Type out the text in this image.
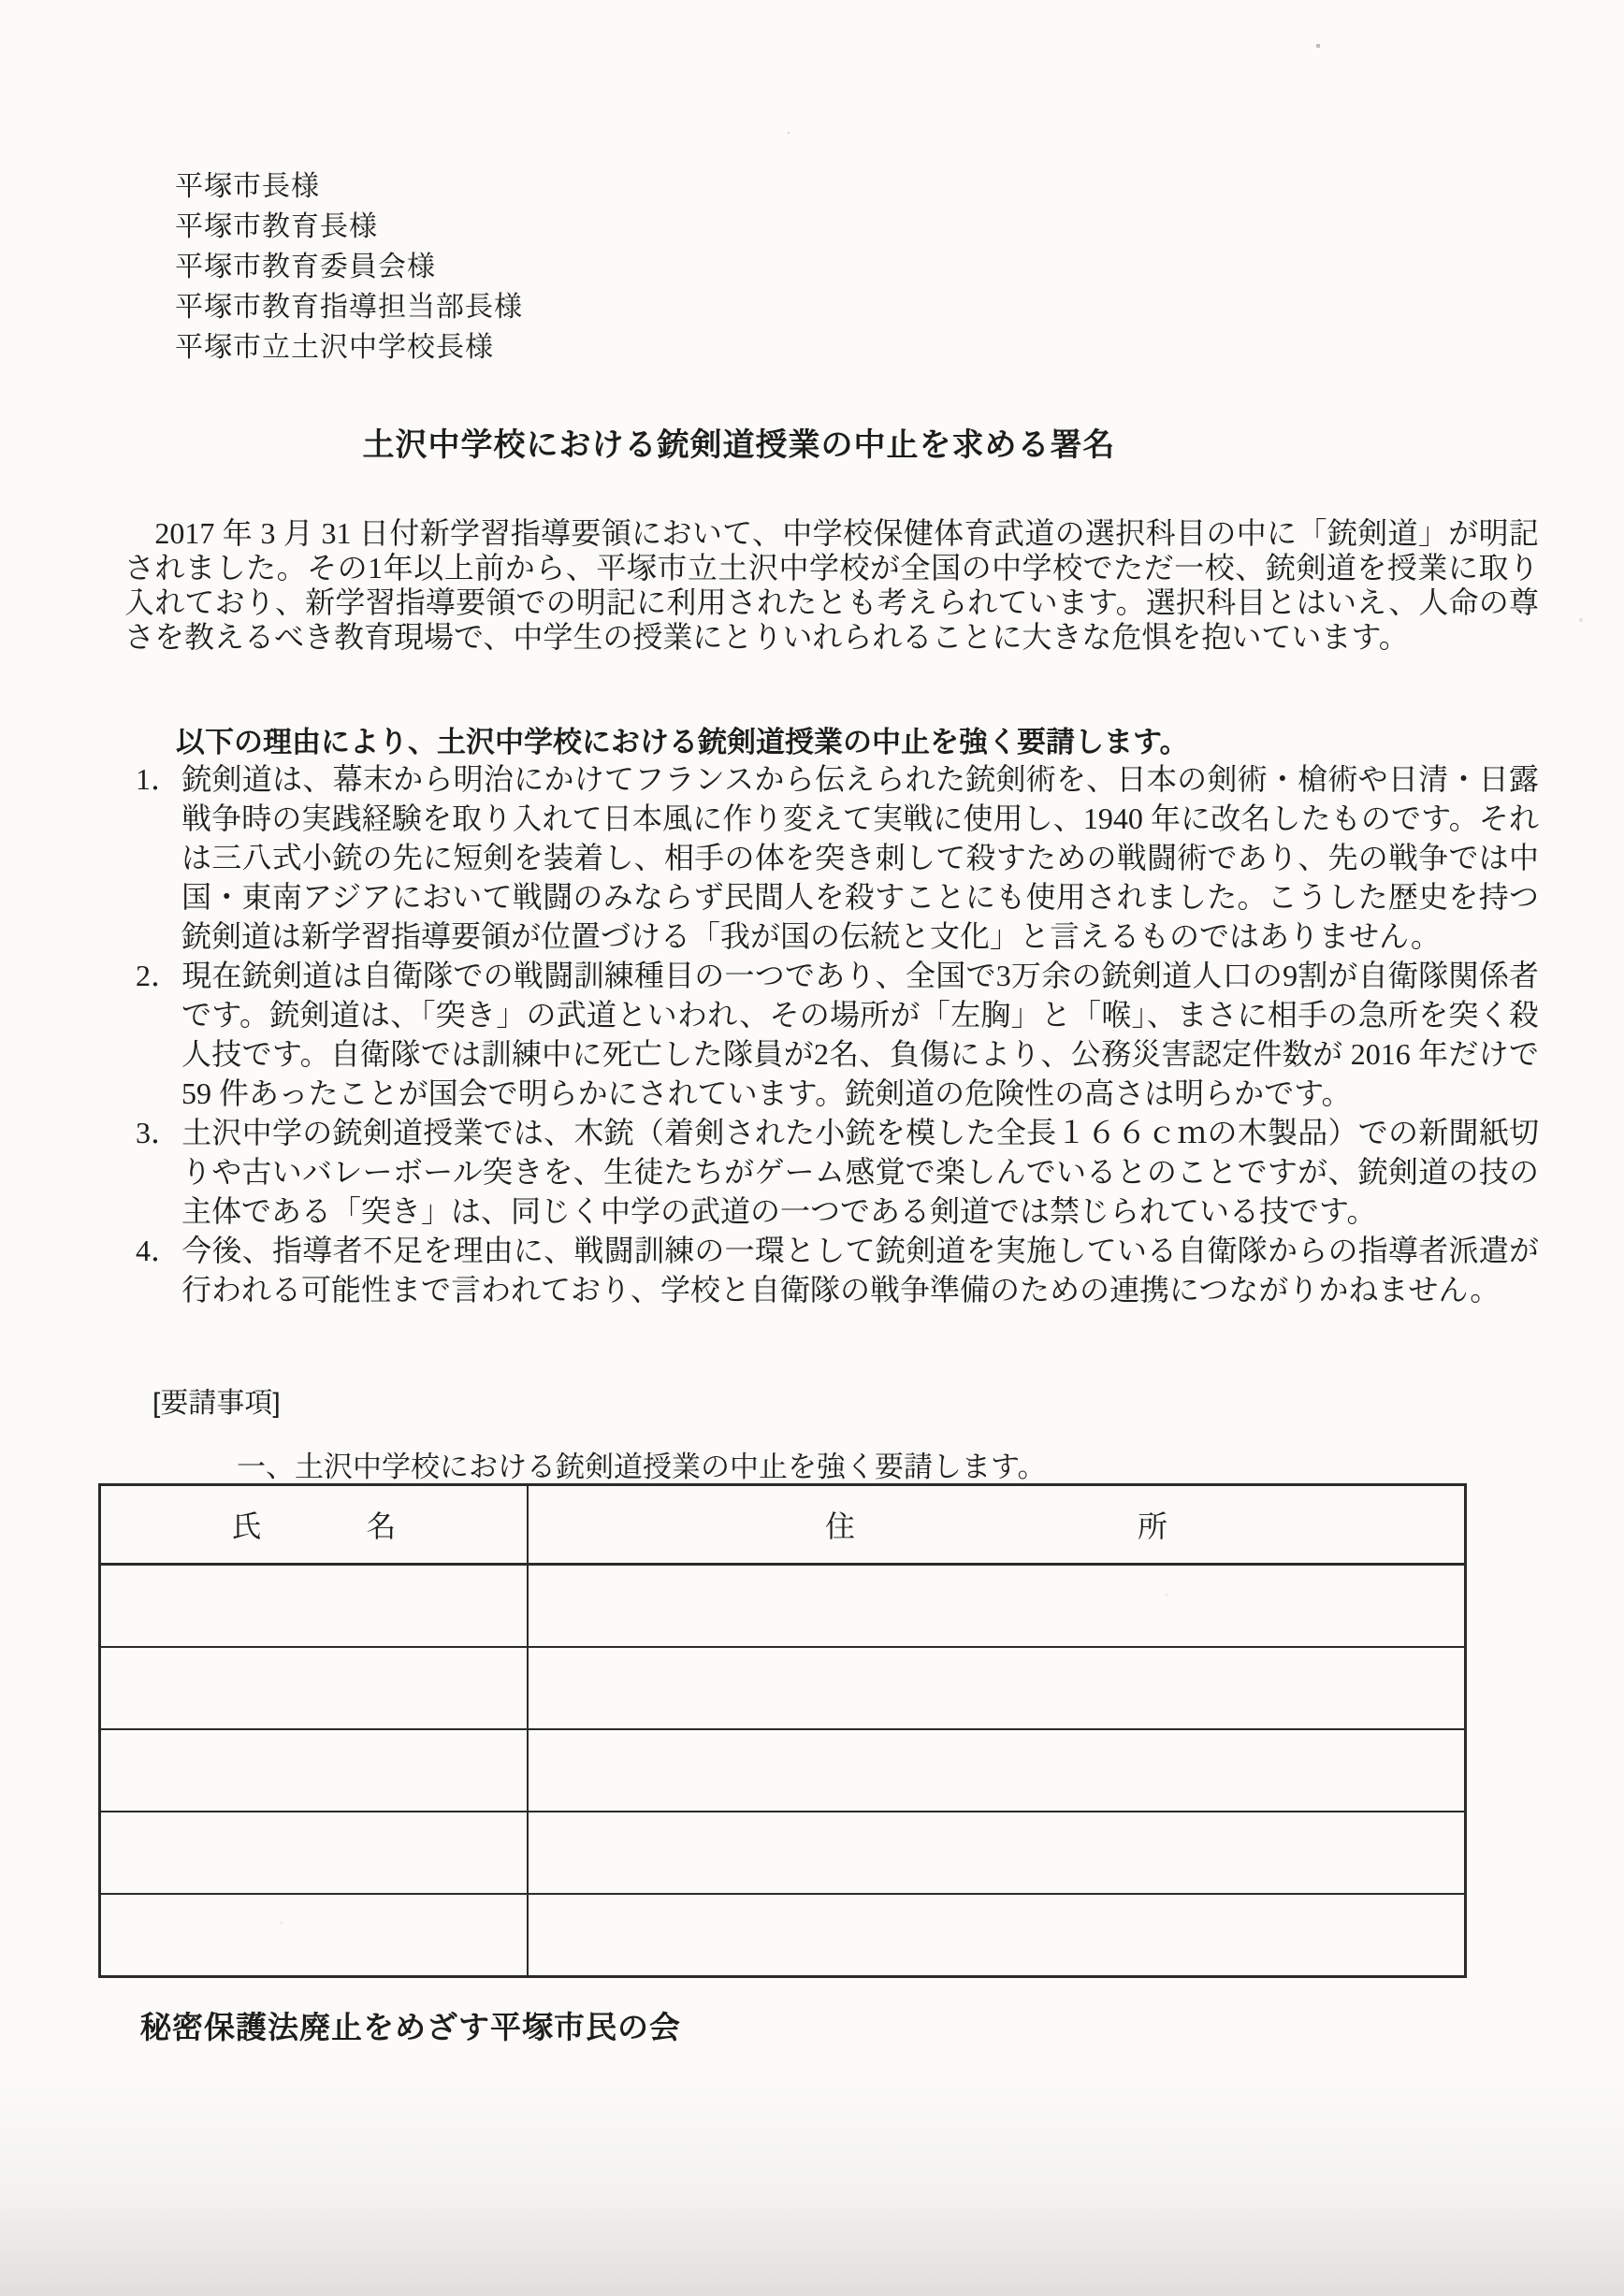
平塚市長様
平塚市教育長様
平塚市教育委員会様
平塚市教育指導担当部長様
平塚市立土沢中学校長様
土沢中学校における銃剣道授業の中止を求める署名

　2017 年 3 月 31 日付新学習指導要領において、中学校保健体育武道の選択科目の中に「銃剣道」が明記されました。その1年以上前から、平塚市立土沢中学校が全国の中学校でただ一校、銃剣道を授業に取り入れており、新学習指導要領での明記に利用されたとも考えられています。選択科目とはいえ、人命の尊さを教えるべき教育現場で、中学生の授業にとりいれられることに大きな危惧を抱いています。

以下の理由により、土沢中学校における銃剣道授業の中止を強く要請します。

1．銃剣道は、幕末から明治にかけてフランスから伝えられた銃剣術を、日本の剣術・槍術や日清・日露戦争時の実践経験を取り入れて日本風に作り変えて実戦に使用し、1940 年に改名したものです。それは三八式小銃の先に短剣を装着し、相手の体を突き刺して殺すための戦闘術であり、先の戦争では中国・東南アジアにおいて戦闘のみならず民間人を殺すことにも使用されました。こうした歴史を持つ銃剣道は新学習指導要領が位置づける「我が国の伝統と文化」と言えるものではありません。
2．現在銃剣道は自衛隊での戦闘訓練種目の一つであり、全国で3万余の銃剣道人口の9割が自衛隊関係者です。銃剣道は、「突き」の武道といわれ、その場所が「左胸」と「喉」、まさに相手の急所を突く殺人技です。自衛隊では訓練中に死亡した隊員が2名、負傷により、公務災害認定件数が 2016 年だけで 59 件あったことが国会で明らかにされています。銃剣道の危険性の高さは明らかです。
3．土沢中学の銃剣道授業では、木銃（着剣された小銃を模した全長１６６ｃｍの木製品）での新聞紙切りや古いバレーボール突きを、生徒たちがゲーム感覚で楽しんでいるとのことですが、銃剣道の技の主体である「突き」は、同じく中学の武道の一つである剣道では禁じられている技です。
4．今後、指導者不足を理由に、戦闘訓練の一環として銃剣道を実施している自衛隊からの指導者派遣が行われる可能性まで言われており、学校と自衛隊の戦争準備のための連携につながりかねません。
[要請事項]
一、土沢中学校における銃剣道授業の中止を強く要請します。
氏名	住所

秘密保護法廃止をめざす平塚市民の会
